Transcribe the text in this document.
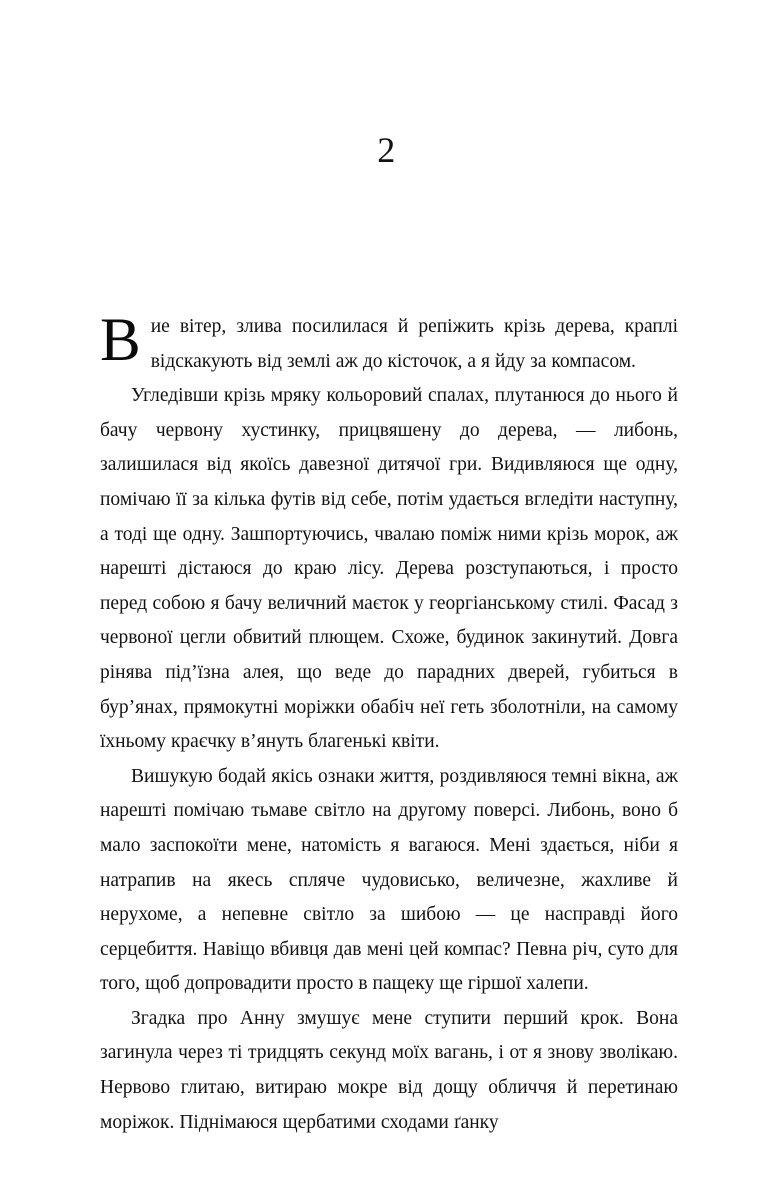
2

Вие вітер, злива посилилася й репіжить крізь дерева, краплі відскакують від землі аж до кісточок, а я йду за компасом.

Угледівши крізь мряку кольоровий спалах, плутанюся до нього й бачу червону хустинку, прицвяшену до дерева, — либонь, залишилася від якоїсь давезної дитячої гри. Видивляюся ще одну, помічаю її за кілька футів від себе, потім удається вгледіти наступну, а тоді ще одну. Зашпортуючись, чвалаю поміж ними крізь морок, аж нарешті дістаюся до краю лісу. Дерева розступаються, і просто перед собою я бачу величний маєток у георгіанському стилі. Фасад з червоної цегли обвитий плющем. Схоже, будинок закинутий. Довга рінява під’їзна алея, що веде до парадних дверей, губиться в бур’янах, прямокутні моріжки обабіч неї геть зболотніли, на самому їхньому краєчку в’януть благенькі квіти.

Вишукую бодай якісь ознаки життя, роздивляюся темні вікна, аж нарешті помічаю тьмаве світло на другому поверсі. Либонь, воно б мало заспокоїти мене, натомість я вагаюся. Мені здається, ніби я натрапив на якесь спляче чудовисько, величезне, жахливе й нерухоме, а непевне світло за шибою — це насправді його серцебиття. Навіщо вбивця дав мені цей компас? Певна річ, суто для того, щоб допровадити просто в пащеку ще гіршої халепи.

Згадка про Анну змушує мене ступити перший крок. Вона загинула через ті тридцять секунд моїх вагань, і от я знову зволікаю. Нервово глитаю, витираю мокре від дощу обличчя й перетинаю моріжок. Піднімаюся щербатими сходами ґанку
